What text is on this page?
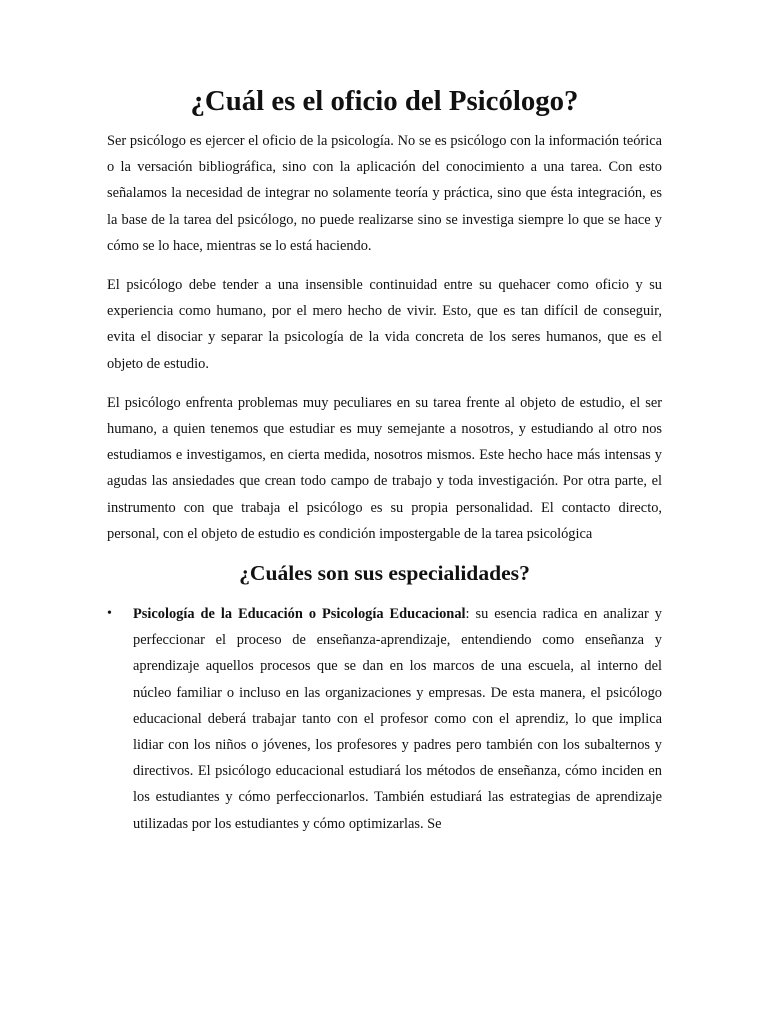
¿Cuál es el oficio del Psicólogo?

Ser psicólogo es ejercer el oficio de la psicología. No se es psicólogo con la información teórica o la versación bibliográfica, sino con la aplicación del conocimiento a una tarea. Con esto señalamos la necesidad de integrar no solamente teoría y práctica, sino que ésta integración, es la base de la tarea del psicólogo, no puede realizarse sino se investiga siempre lo que se hace y cómo se lo hace, mientras se lo está haciendo.

El psicólogo debe tender a una insensible continuidad entre su quehacer como oficio y su experiencia como humano, por el mero hecho de vivir. Esto, que es tan difícil de conseguir, evita el disociar y separar la psicología de la vida concreta de los seres humanos, que es el objeto de estudio.

El psicólogo enfrenta problemas muy peculiares en su tarea frente al objeto de estudio, el ser humano, a quien tenemos que estudiar es muy semejante a nosotros, y estudiando al otro nos estudiamos e investigamos, en cierta medida, nosotros mismos. Este hecho hace más intensas y agudas las ansiedades que crean todo campo de trabajo y toda investigación. Por otra parte, el instrumento con que trabaja el psicólogo es su propia personalidad. El contacto directo, personal, con el objeto de estudio es condición impostergable de la tarea psicológica

¿Cuáles son sus especialidades?
• Psicología de la Educación o Psicología Educacional: su esencia radica en analizar y perfeccionar el proceso de enseñanza-aprendizaje, entendiendo como enseñanza y aprendizaje aquellos procesos que se dan en los marcos de una escuela, al interno del núcleo familiar o incluso en las organizaciones y empresas. De esta manera, el psicólogo educacional deberá trabajar tanto con el profesor como con el aprendiz, lo que implica lidiar con los niños o jóvenes, los profesores y padres pero también con los subalternos y directivos. El psicólogo educacional estudiará los métodos de enseñanza, cómo inciden en los estudiantes y cómo perfeccionarlos. También estudiará las estrategias de aprendizaje utilizadas por los estudiantes y cómo optimizarlas. Se
